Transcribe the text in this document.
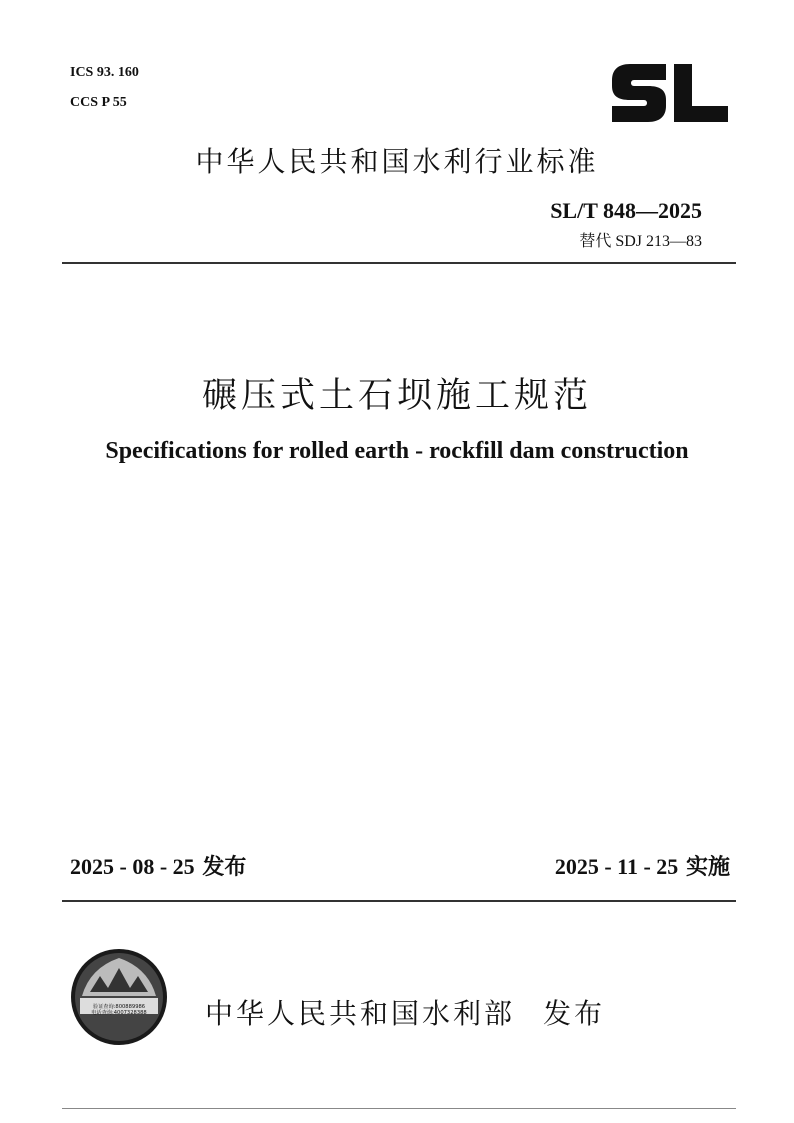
ICS 93. 160
CCS P 55
中华人民共和国水利行业标准
SL/T 848—2025
替代 SDJ 213—83
碾压式土石坝施工规范
Specifications for rolled earth - rockfill dam construction
2025 - 08 - 25 发布	2025 - 11 - 25 实施
验证查询:800889986
电话查询:4007328388 中华人民共和国水利部 发布
